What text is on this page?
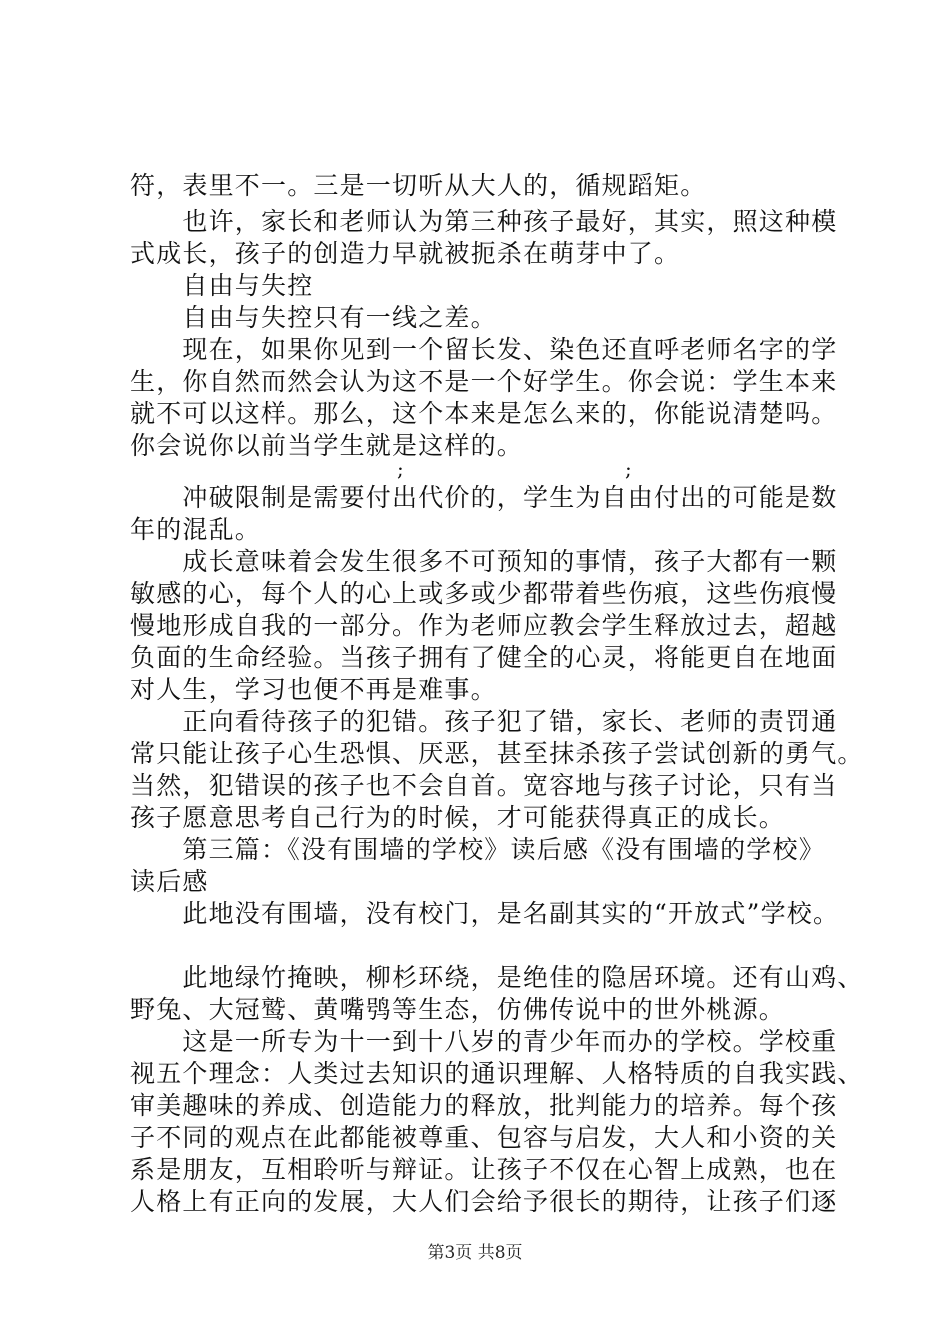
符，表里不一。三是一切听从大人的，循规蹈矩。
　　也许，家长和老师认为第三种孩子最好，其实，照这种模
式成长，孩子的创造力早就被扼杀在萌芽中了。
　　自由与失控
　　自由与失控只有一线之差。
　　现在，如果你见到一个留长发、染色还直呼老师名字的学
生，你自然而然会认为这不是一个好学生。你会说：学生本来
就不可以这样。那么，这个本来是怎么来的，你能说清楚吗。
你会说你以前当学生就是这样的。
;	;
　　冲破限制是需要付出代价的，学生为自由付出的可能是数
年的混乱。
　　成长意味着会发生很多不可预知的事情，孩子大都有一颗
敏感的心，每个人的心上或多或少都带着些伤痕，这些伤痕慢
慢地形成自我的一部分。作为老师应教会学生释放过去，超越
负面的生命经验。当孩子拥有了健全的心灵，将能更自在地面
对人生，学习也便不再是难事。
　　正向看待孩子的犯错。孩子犯了错，家长、老师的责罚通
常只能让孩子心生恐惧、厌恶，甚至抹杀孩子尝试创新的勇气。
当然，犯错误的孩子也不会自首。宽容地与孩子讨论，只有当
孩子愿意思考自己行为的时候，才可能获得真正的成长。
　　第三篇：《没有围墙的学校》读后感《没有围墙的学校》
读后感
　　此地没有围墙，没有校门，是名副其实的“开放式”学校。
　　此地绿竹掩映，柳杉环绕，是绝佳的隐居环境。还有山鸡、
野兔、大冠鹫、黄嘴鸮等生态，仿佛传说中的世外桃源。
　　这是一所专为十一到十八岁的青少年而办的学校。学校重
视五个理念：人类过去知识的通识理解、人格特质的自我实践、
审美趣味的养成、创造能力的释放，批判能力的培养。每个孩
子不同的观点在此都能被尊重、包容与启发，大人和小资的关
系是朋友，互相聆听与辩证。让孩子不仅在心智上成熟，也在
人格上有正向的发展，大人们会给予很长的期待，让孩子们逐
第3页 共8页
